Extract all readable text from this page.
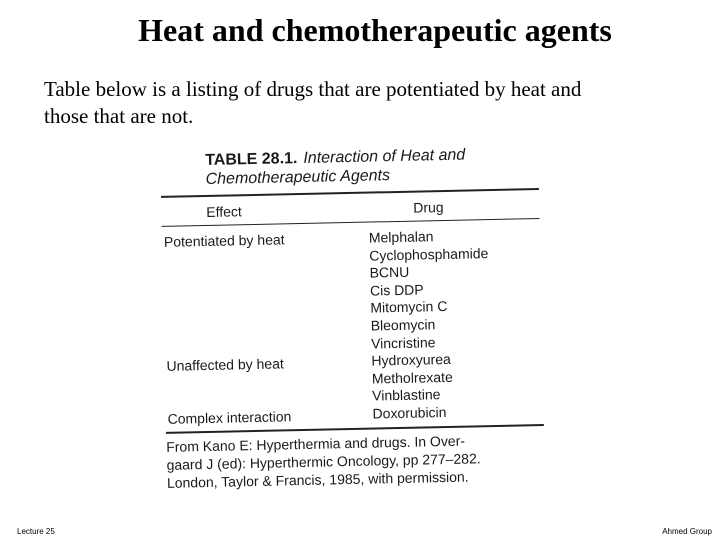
Heat and chemotherapeutic agents
Table below is a listing of drugs that are potentiated by heat and
those that are not.
TABLE 28.1. Interaction of Heat and
Chemotherapeutic Agents
Effect	Drug
Potentiated by heat
Unaffected by heat
Complex interaction
Melphalan
Cyclophosphamide
BCNU
Cis DDP
Mitomycin C
Bleomycin
Vincristine
Hydroxyurea
Metholrexate
Vinblastine
Doxorubicin
From Kano E: Hyperthermia and drugs. In Over-
gaard J (ed): Hyperthermic Oncology, pp 277–282.
London, Taylor & Francis, 1985, with permission.
Lecture 25	Ahmed Group
